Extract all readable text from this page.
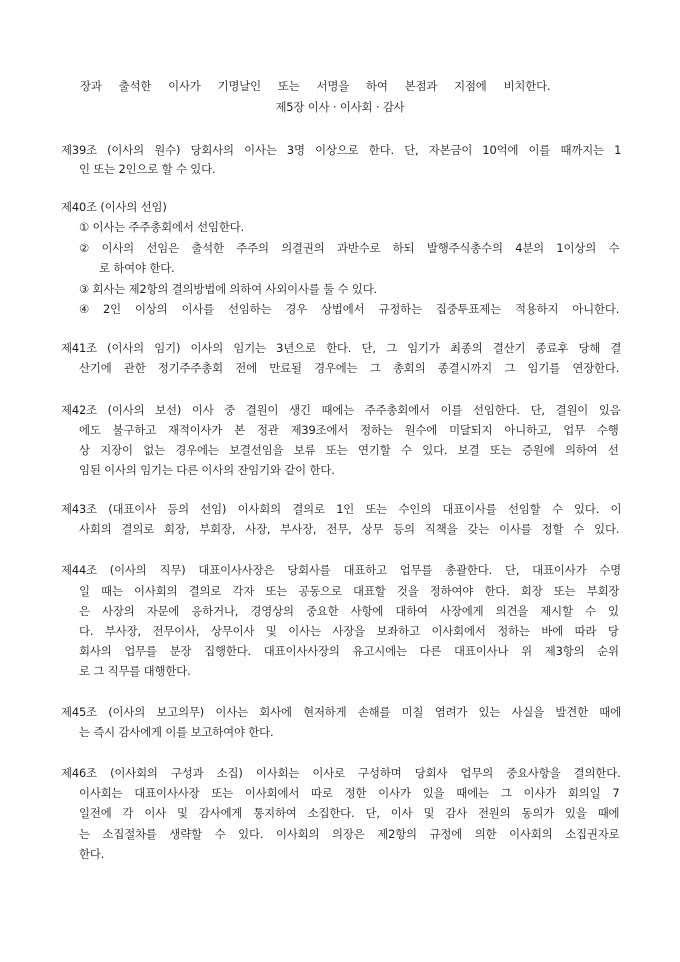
장과 출석한 이사가 기명날인 또는 서명을 하여 본점과 지점에 비치한다.
제5장 이사 · 이사회 · 감사
제39조 (이사의 원수) 당회사의 이사는 3명 이상으로 한다. 단, 자본금이 10억에 이를 때까지는 1
인 또는 2인으로 할 수 있다.
제40조 (이사의 선임)
① 이사는 주주총회에서 선임한다.
② 이사의 선임은 출석한 주주의 의결권의 과반수로 하되 발행주식총수의 4분의 1이상의 수
로 하여야 한다.
③ 회사는 제2항의 결의방법에 의하여 사외이사를 둘 수 있다.
④ 2인 이상의 이사를 선임하는 경우 상법에서 규정하는 집중투표제는 적용하지 아니한다.
제41조 (이사의 임기) 이사의 임기는 3년으로 한다. 단, 그 임기가 최종의 결산기 종료후 당해 결
산기에 관한 정기주주총회 전에 만료될 경우에는 그 총회의 종결시까지 그 임기를 연장한다.
제42조 (이사의 보선) 이사 중 결원이 생긴 때에는 주주총회에서 이를 선임한다. 단, 결원이 있음
에도 불구하고 재적이사가 본 정관 제39조에서 정하는 원수에 미달되지 아니하고, 업무 수행
상 지장이 없는 경우에는 보결선임을 보류 또는 연기할 수 있다. 보결 또는 증원에 의하여 선
임된 이사의 임기는 다른 이사의 잔임기와 같이 한다.
제43조 (대표이사 등의 선임) 이사회의 결의로 1인 또는 수인의 대표이사를 선임할 수 있다. 이
사회의 결의로 회장, 부회장, 사장, 부사장, 전무, 상무 등의 직책을 갖는 이사를 정할 수 있다.
제44조 (이사의 직무) 대표이사사장은 당회사를 대표하고 업무를 총괄한다. 단, 대표이사가 수명
일 때는 이사회의 결의로 각자 또는 공동으로 대표할 것을 정하여야 한다. 회장 또는 부회장
은 사장의 자문에 응하거나, 경영상의 중요한 사항에 대하여 사장에게 의견을 제시할 수 있
다. 부사장, 전무이사, 상무이사 및 이사는 사장을 보좌하고 이사회에서 정하는 바에 따라 당
회사의 업무를 분장 집행한다. 대표이사사장의 유고시에는 다른 대표이사나 위 제3항의 순위
로 그 직무를 대행한다.
제45조 (이사의 보고의무) 이사는 회사에 현저하게 손해를 미칠 염려가 있는 사실을 발견한 때에
는 즉시 감사에게 이를 보고하여야 한다.
제46조 (이사회의 구성과 소집) 이사회는 이사로 구성하며 당회사 업무의 중요사항을 결의한다.
이사회는 대표이사사장 또는 이사회에서 따로 정한 이사가 있을 때에는 그 이사가 회의일 7
일전에 각 이사 및 감사에게 통지하여 소집한다. 단, 이사 및 감사 전원의 동의가 있을 때에
는 소집절차를 생략할 수 있다. 이사회의 의장은 제2항의 규정에 의한 이사회의 소집권자로
한다.
